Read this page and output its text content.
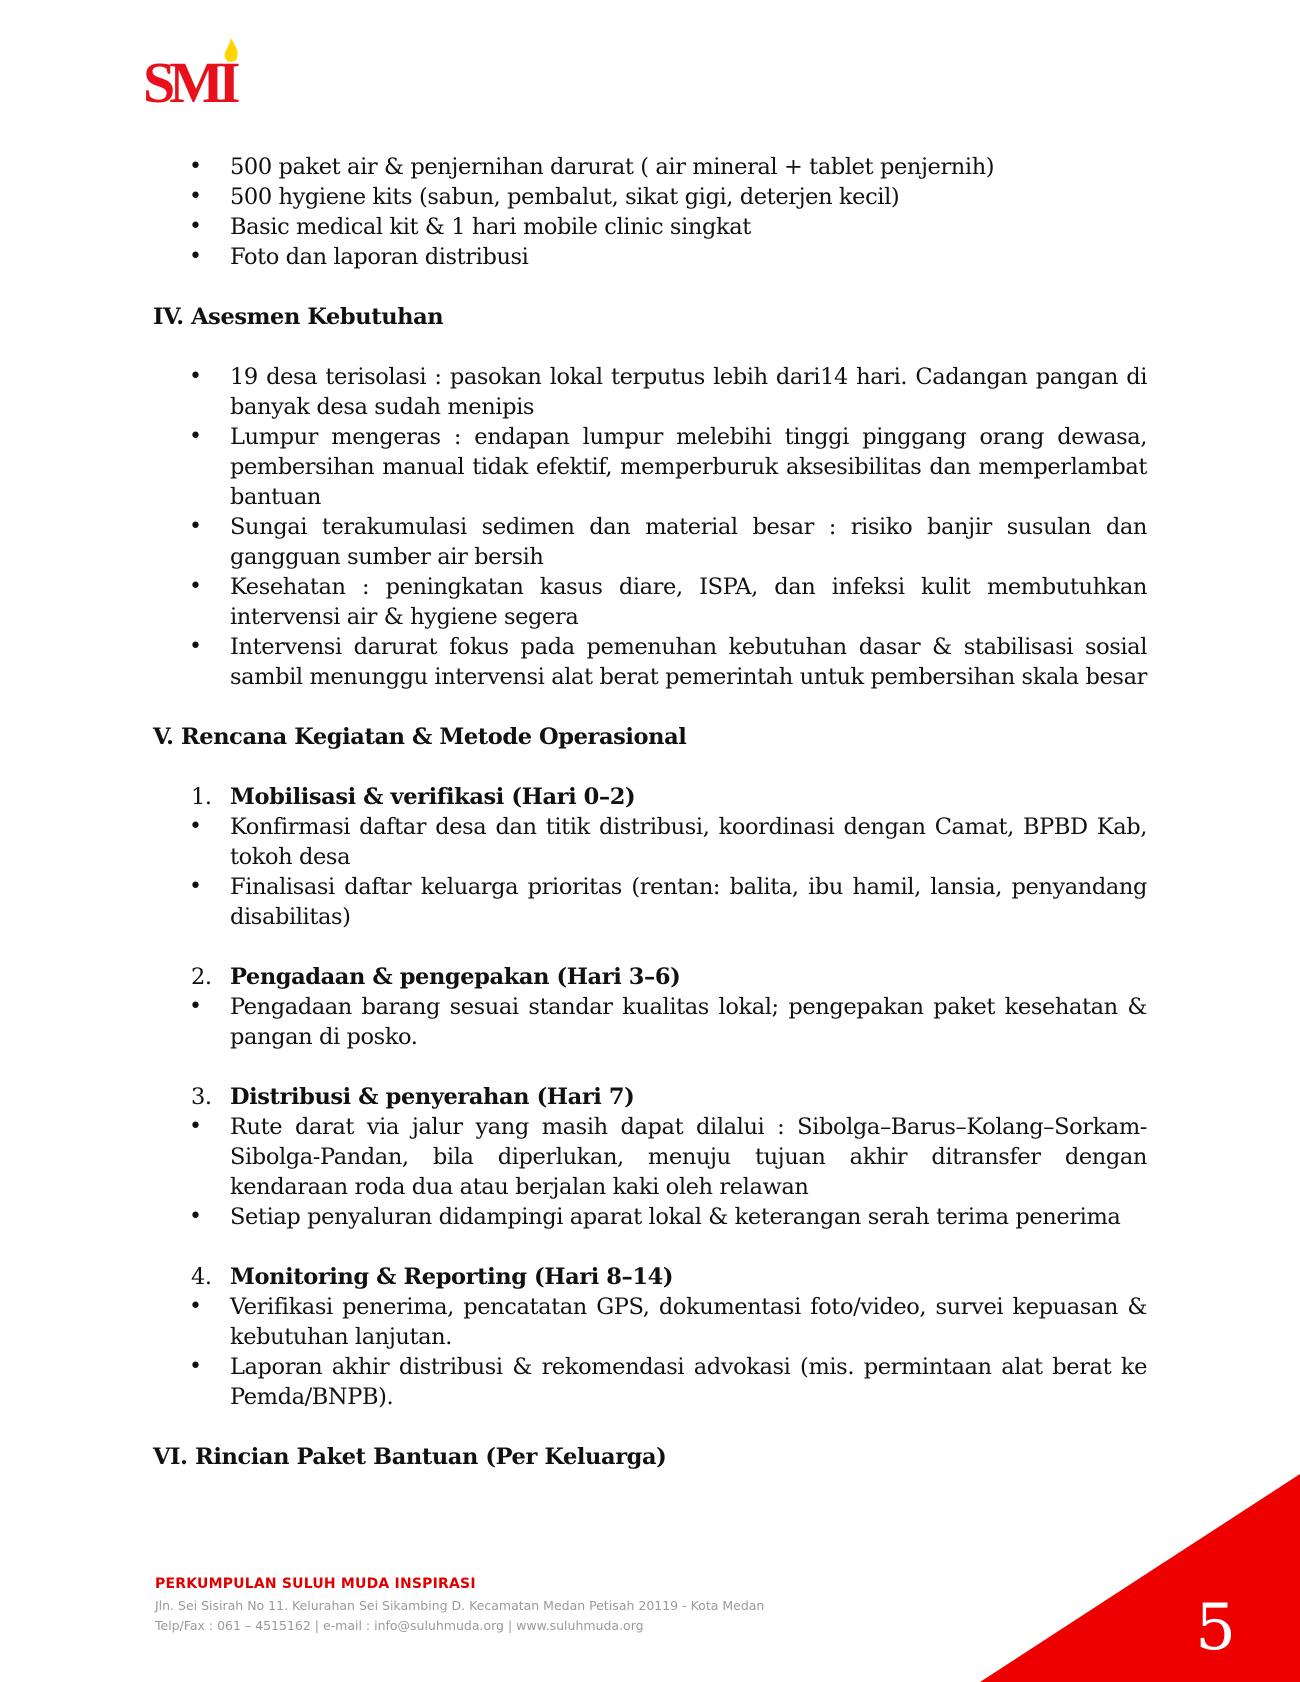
SMI
• 500 paket air & penjernihan darurat ( air mineral + tablet penjernih)
• 500 hygiene kits (sabun, pembalut, sikat gigi, deterjen kecil)
• Basic medical kit & 1 hari mobile clinic singkat
• Foto dan laporan distribusi
IV. Asesmen Kebutuhan
• 19 desa terisolasi : pasokan lokal terputus lebih dari14 hari. Cadangan pangan di banyak desa sudah menipis
• Lumpur mengeras : endapan lumpur melebihi tinggi pinggang orang dewasa, pembersihan manual tidak efektif, memperburuk aksesibilitas dan memperlambat bantuan
• Sungai terakumulasi sedimen dan material besar : risiko banjir susulan dan gangguan sumber air bersih
• Kesehatan : peningkatan kasus diare, ISPA, dan infeksi kulit membutuhkan intervensi air & hygiene segera
• Intervensi darurat fokus pada pemenuhan kebutuhan dasar & stabilisasi sosial sambil menunggu intervensi alat berat pemerintah untuk pembersihan skala besar
V. Rencana Kegiatan & Metode Operasional
1. Mobilisasi & verifikasi (Hari 0–2)
• Konfirmasi daftar desa dan titik distribusi, koordinasi dengan Camat, BPBD Kab, tokoh desa
• Finalisasi daftar keluarga prioritas (rentan: balita, ibu hamil, lansia, penyandang disabilitas)
2. Pengadaan & pengepakan (Hari 3–6)
• Pengadaan barang sesuai standar kualitas lokal; pengepakan paket kesehatan & pangan di posko.
3. Distribusi & penyerahan (Hari 7)
• Rute darat via jalur yang masih dapat dilalui : Sibolga–Barus–Kolang–Sorkam-Sibolga-Pandan, bila diperlukan, menuju tujuan akhir ditransfer dengan kendaraan roda dua atau berjalan kaki oleh relawan
• Setiap penyaluran didampingi aparat lokal & keterangan serah terima penerima
4. Monitoring & Reporting (Hari 8–14)
• Verifikasi penerima, pencatatan GPS, dokumentasi foto/video, survei kepuasan & kebutuhan lanjutan.
• Laporan akhir distribusi & rekomendasi advokasi (mis. permintaan alat berat ke Pemda/BNPB).
VI. Rincian Paket Bantuan (Per Keluarga)
PERKUMPULAN SULUH MUDA INSPIRASI
Jln. Sei Sisirah No 11. Kelurahan Sei Sikambing D. Kecamatan Medan Petisah 20119 - Kota Medan
Telp/Fax : 061 – 4515162 | e-mail : info@suluhmuda.org | www.suluhmuda.org	5
